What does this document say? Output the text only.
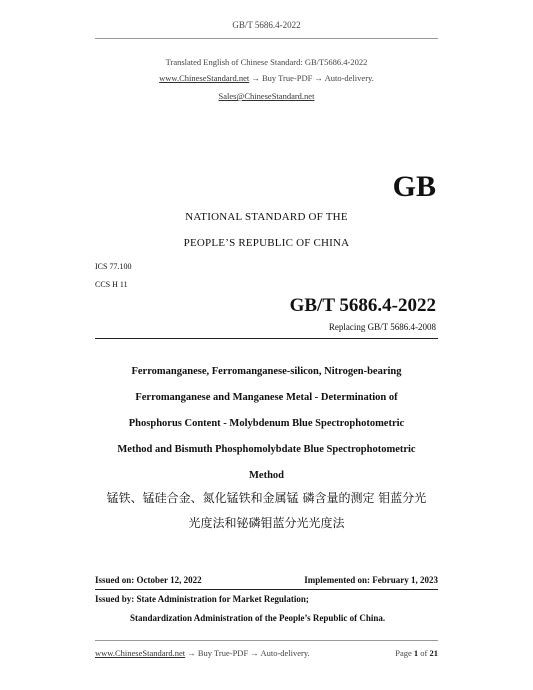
GB/T 5686.4-2022
Translated English of Chinese Standard: GB/T5686.4-2022
www.ChineseStandard.net → Buy True-PDF → Auto-delivery.
Sales@ChineseStandard.net
GB
NATIONAL STANDARD OF THE
PEOPLE’S REPUBLIC OF CHINA
ICS 77.100
CCS H 11
GB/T 5686.4-2022
Replacing GB/T 5686.4-2008
Ferromanganese, Ferromanganese-silicon, Nitrogen-bearing
Ferromanganese and Manganese Metal - Determination of
Phosphorus Content - Molybdenum Blue Spectrophotometric
Method and Bismuth Phosphomolybdate Blue Spectrophotometric
Method
锰铁、锰硅合金、氮化锰铁和金属锰 磷含量的测定 钼蓝分光
光度法和铋磷钼蓝分光光度法
Issued on: October 12, 2022	Implemented on: February 1, 2023
Issued by: State Administration for Market Regulation;
Standardization Administration of the People’s Republic of China.
www.ChineseStandard.net → Buy True-PDF → Auto-delivery.	Page 1 of 21
